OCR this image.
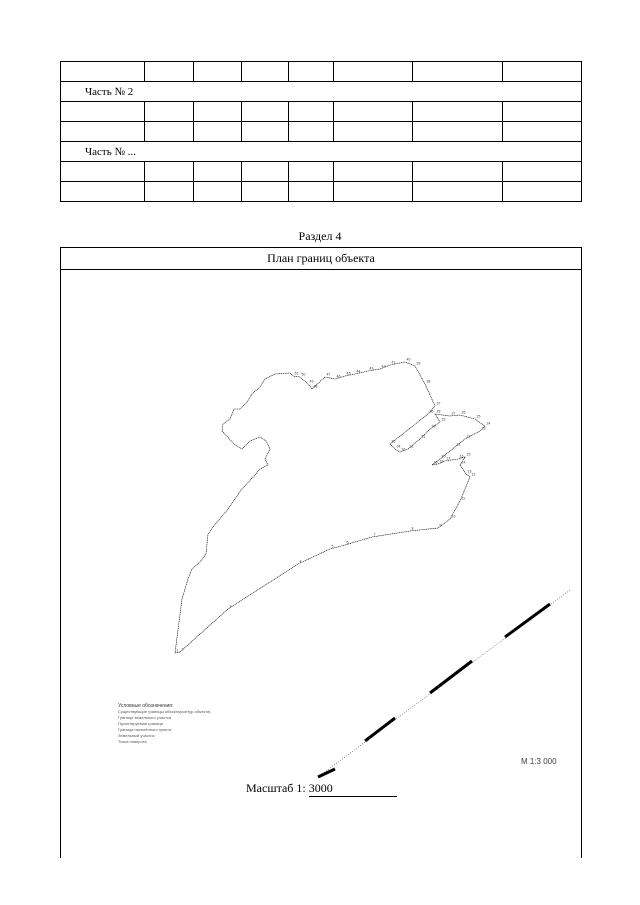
Часть № 2							

Часть № ...							

Раздел 4
План границ объекта
1 2
3
4
5
6
7
8
9
10
11
12
13
14
15
16
17
18
19
20
21
22
23
24
25
26
27
28
29
30
31
32
33
34
35
36
37
38
39
40
41
42
43
44
45
46
47
48
49
50
51
Условные обозначения:
Существующие границы объекта(контур объекта)
Граница земельного участка
Проектируемая граница
Граница населённого пункта
Земельный участок
Точка поворота
М 1:3 000
Масштаб 1: 3000
